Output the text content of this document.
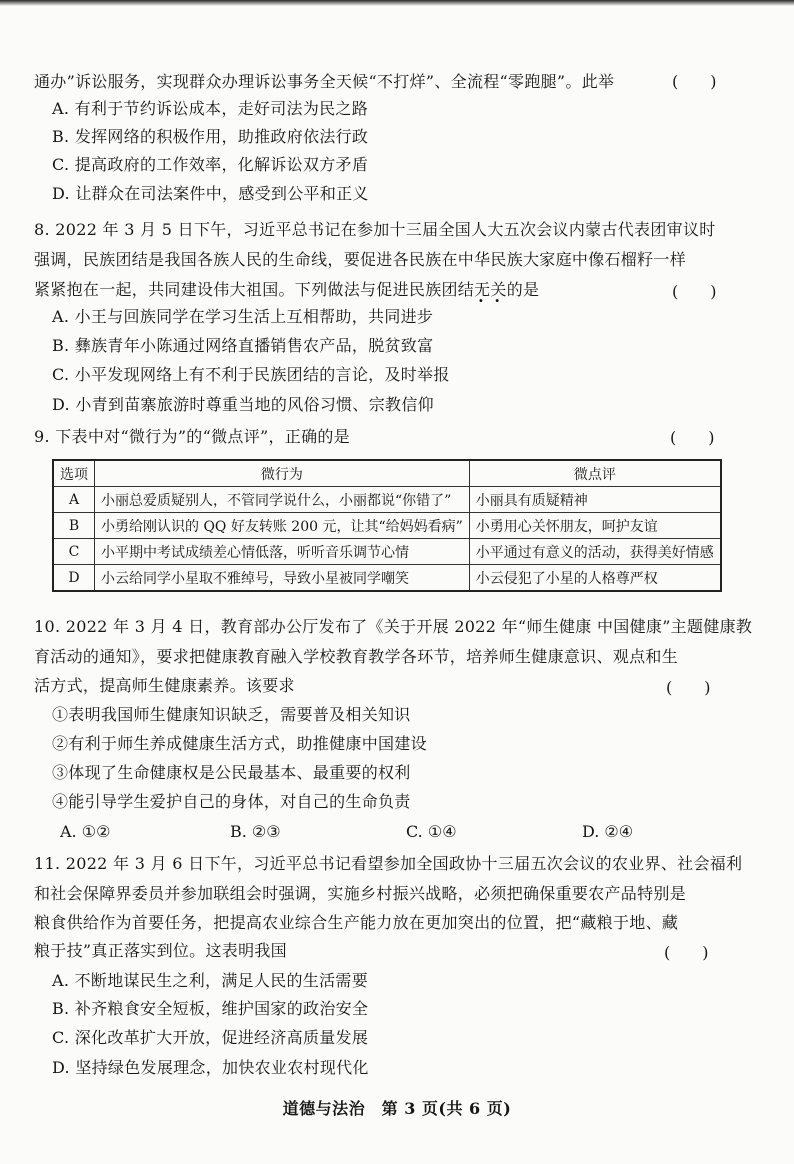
通办”诉讼服务，实现群众办理诉讼事务全天候“不打烊”、全流程“零跑腿”。此举	(　　)
A. 有利于节约诉讼成本，走好司法为民之路
B. 发挥网络的积极作用，助推政府依法行政
C. 提高政府的工作效率，化解诉讼双方矛盾
D. 让群众在司法案件中，感受到公平和正义
8. 2022 年 3 月 5 日下午，习近平总书记在参加十三届全国人大五次会议内蒙古代表团审议时
强调，民族团结是我国各族人民的生命线，要促进各民族在中华民族大家庭中像石榴籽一样
紧紧抱在一起，共同建设伟大祖国。下列做法与促进民族团结无关的是	(　　)
A. 小王与回族同学在学习生活上互相帮助，共同进步
B. 彝族青年小陈通过网络直播销售农产品，脱贫致富
C. 小平发现网络上有不利于民族团结的言论，及时举报
D. 小青到苗寨旅游时尊重当地的风俗习惯、宗教信仰
9. 下表中对“微行为”的“微点评”，正确的是	(　　)
选项	微行为	微点评
A	小丽总爱质疑别人，不管同学说什么，小丽都说“你错了”	小丽具有质疑精神
B	小勇给刚认识的 QQ 好友转账 200 元，让其“给妈妈看病”	小勇用心关怀朋友，呵护友谊
C	小平期中考试成绩差心情低落，听听音乐调节心情	小平通过有意义的活动，获得美好情感
D	小云给同学小星取不雅绰号，导致小星被同学嘲笑	小云侵犯了小星的人格尊严权
10. 2022 年 3 月 4 日，教育部办公厅发布了《关于开展 2022 年“师生健康 中国健康”主题健康教
育活动的通知》，要求把健康教育融入学校教育教学各环节，培养师生健康意识、观点和生
活方式，提高师生健康素养。该要求	(　　)
①表明我国师生健康知识缺乏，需要普及相关知识
②有利于师生养成健康生活方式，助推健康中国建设
③体现了生命健康权是公民最基本、最重要的权利
④能引导学生爱护自己的身体，对自己的生命负责
A. ①②	B. ②③	C. ①④	D. ②④
11. 2022 年 3 月 6 日下午，习近平总书记看望参加全国政协十三届五次会议的农业界、社会福利
和社会保障界委员并参加联组会时强调，实施乡村振兴战略，必须把确保重要农产品特别是
粮食供给作为首要任务，把提高农业综合生产能力放在更加突出的位置，把“藏粮于地、藏
粮于技”真正落实到位。这表明我国	(　　)
A. 不断地谋民生之利，满足人民的生活需要
B. 补齐粮食安全短板，维护国家的政治安全
C. 深化改革扩大开放，促进经济高质量发展
D. 坚持绿色发展理念，加快农业农村现代化
道德与法治　第 3 页(共 6 页)
